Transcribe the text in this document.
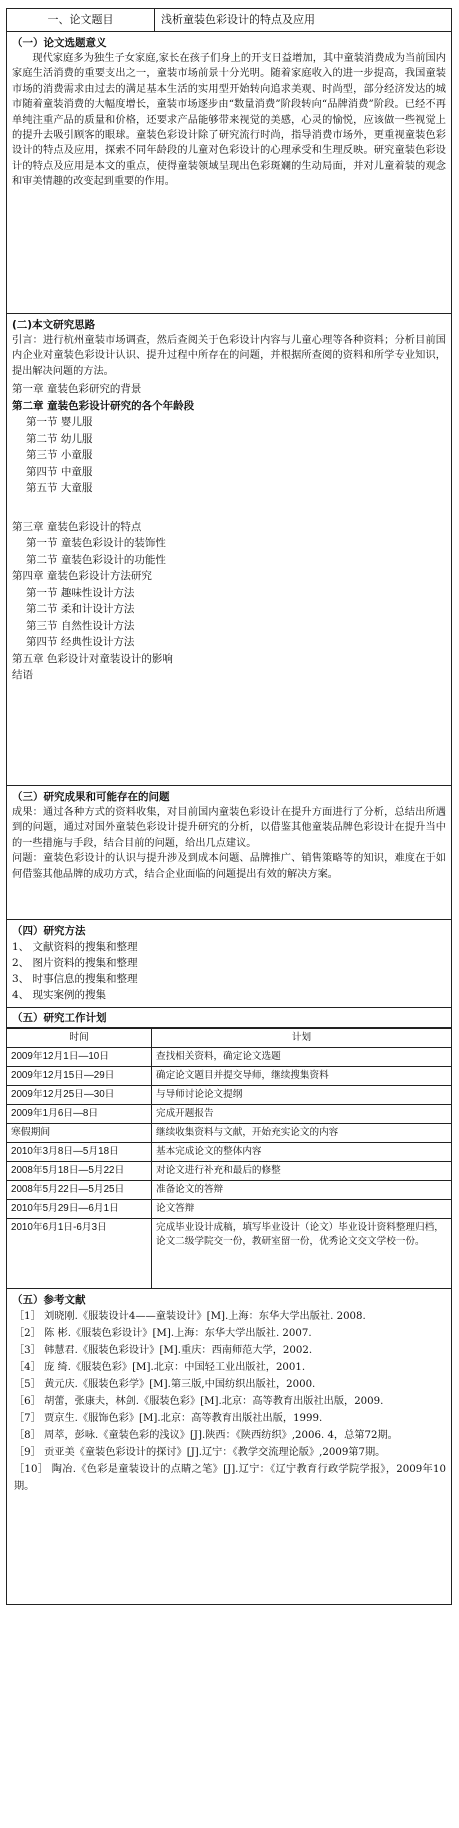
一、论文题目	浅析童装色彩设计的特点及应用
（一）论文选题意义
现代家庭多为独生子女家庭,家长在孩子们身上的开支日益增加，其中童装消费成为当前国内家庭生活消费的重要支出之一，童装市场前景十分光明。随着家庭收入的进一步提高，我国童装市场的消费需求由过去的满足基本生活的实用型开始转向追求美观、时尚型，部分经济发达的城市随着童装消费的大幅度增长，童装市场逐步由“数量消费”阶段转向“品牌消费”阶段。已经不再单纯注重产品的质量和价格，还要求产品能够带来视觉的美感，心灵的愉悦，应该做一些视觉上的提升去吸引顾客的眼球。童装色彩设计除了研究流行时尚，指导消费市场外，更重视童装色彩设计的特点及应用，探索不同年龄段的儿童对色彩设计的心理承受和生理反映。研究童装色彩设计的特点及应用是本文的重点，使得童装领域呈现出色彩斑斓的生动局面，并对儿童着装的观念和审美情趣的改变起到重要的作用。
(二)本文研究思路
引言：进行杭州童装市场调查，然后查阅关于色彩设计内容与儿童心理等各种资料；分析目前国内企业对童装色彩设计认识、提升过程中所存在的问题，并根据所查阅的资料和所学专业知识，提出解决问题的方法。
第一章 童装色彩研究的背景
第二章 童装色彩设计研究的各个年龄段
第一节 婴儿服
第二节 幼儿服
第三节 小童服
第四节 中童服
第五节 大童服
第三章 童装色彩设计的特点
第一节 童装色彩设计的装饰性
第二节 童装色彩设计的功能性
第四章 童装色彩设计方法研究
第一节 趣味性设计方法
第二节 柔和计设计方法
第三节 自然性设计方法
第四节 经典性设计方法
第五章 色彩设计对童装设计的影响
结语
（三）研究成果和可能存在的问题
成果：通过各种方式的资料收集，对目前国内童装色彩设计在提升方面进行了分析，总结出所遇到的问题，通过对国外童装色彩设计提升研究的分析，以借鉴其他童装品牌色彩设计在提升当中的一些措施与手段，结合目前的问题，给出几点建议。
问题：童装色彩设计的认识与提升涉及到成本问题、品牌推广、销售策略等的知识，难度在于如何借鉴其他品牌的成功方式，结合企业面临的问题提出有效的解决方案。
（四）研究方法
1、 文献资料的搜集和整理
2、 图片资料的搜集和整理
3、 时事信息的搜集和整理
4、 现实案例的搜集
（五）研究工作计划
时间	计划
2009年12月1日—10日	查找相关资料，确定论文选题
2009年12月15日—29日	确定论文题目并提交导师，继续搜集资料
2009年12月25日—30日	与导师讨论论文提纲
2009年1月6日—8日	完成开题报告
寒假期间	继续收集资料与文献，开始充实论文的内容
2010年3月8日—5月18日	基本完成论文的整体内容
2008年5月18日—5月22日	对论文进行补充和最后的修整
2008年5月22日—5月25日	准备论文的答辩
2010年5月29日—6月1日	论文答辩
2010年6月1日-6月3日	完成毕业设计成稿，填写毕业设计（论文）毕业设计资料整理归档，论文二级学院交一份，教研室留一份，优秀论文交文学校一份。
（五）参考文献
［1］ 刘晓刚.《服装设计4——童装设计》[M].上海：东华大学出版社. 2008.
［2］ 陈 彬.《服装色彩设计》[M].上海：东华大学出版社. 2007.
［3］ 韩慧君.《服装色彩设计》[M].重庆：西南师范大学，2002.
［4］ 庞 绮.《服装色彩》[M].北京：中国轻工业出版社，2001.
［5］ 黄元庆.《服装色彩学》[M].第三版,中国纺织出版社，2000.
［6］ 胡蕾，张康夫，林剑.《服装色彩》[M].北京：高等教育出版社出版，2009.
［7］ 贾京生.《服饰色彩》[M].北京：高等教育出版社出版，1999.
［8］ 周萃，彭咏.《童装色彩的浅议》[J].陕西：《陕西纺织》,2006. 4，总第72期。
［9］ 贡亚美《童装色彩设计的探讨》[J].辽宁：《教学交流理论版》,2009第7期。
［10］ 陶冶.《色彩是童装设计的点睛之笔》[J].辽宁：《辽宁教育行政学院学报》，2009年10期。
